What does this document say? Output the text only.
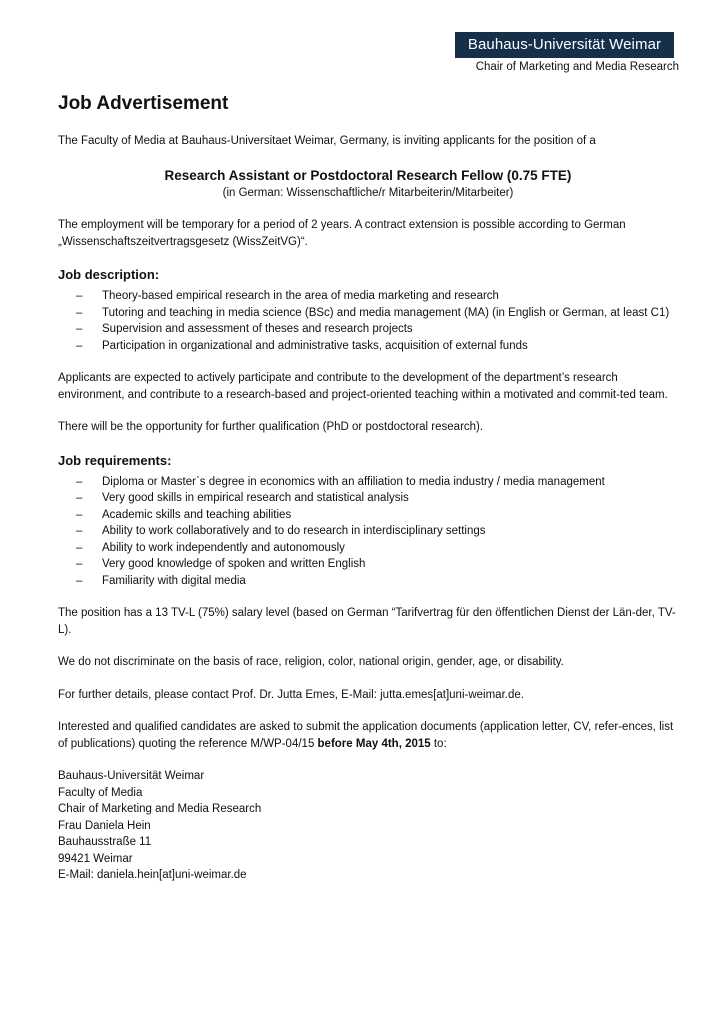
Bauhaus-Universität Weimar
Chair of Marketing and Media Research
Job Advertisement

The Faculty of Media at Bauhaus-Universitaet Weimar, Germany, is inviting applicants for the position of a

Research Assistant or Postdoctoral Research Fellow (0.75 FTE)

(in German: Wissenschaftliche/r Mitarbeiterin/Mitarbeiter)

The employment will be temporary for a period of 2 years. A contract extension is possible according to German „Wissenschaftszeitvertragsgesetz (WissZeitVG)“.

Job description:
– Theory-based empirical research in the area of media marketing and research
– Tutoring and teaching in media science (BSc) and media management (MA) (in English or German, at least C1)
– Supervision and assessment of theses and research projects
– Participation in organizational and administrative tasks, acquisition of external funds

Applicants are expected to actively participate and contribute to the development of the department’s research environment, and contribute to a research-based and project-oriented teaching within a motivated and commit-ted team.

There will be the opportunity for further qualification (PhD or postdoctoral research).

Job requirements:
– Diploma or Master`s degree in economics with an affiliation to media industry / media management
– Very good skills in empirical research and statistical analysis
– Academic skills and teaching abilities
– Ability to work collaboratively and to do research in interdisciplinary settings
– Ability to work independently and autonomously
– Very good knowledge of spoken and written English
– Familiarity with digital media

The position has a 13 TV-L (75%) salary level (based on German “Tarifvertrag für den öffentlichen Dienst der Län-der, TV-L).

We do not discriminate on the basis of race, religion, color, national origin, gender, age, or disability.

For further details, please contact Prof. Dr. Jutta Emes, E-Mail: jutta.emes[at]uni-weimar.de.

Interested and qualified candidates are asked to submit the application documents (application letter, CV, refer-ences, list of publications) quoting the reference M/WP-04/15 before May 4th, 2015 to:

Bauhaus-Universität Weimar

Faculty of Media

Chair of Marketing and Media Research

Frau Daniela Hein

Bauhausstraße 11

99421 Weimar

E-Mail: daniela.hein[at]uni-weimar.de
